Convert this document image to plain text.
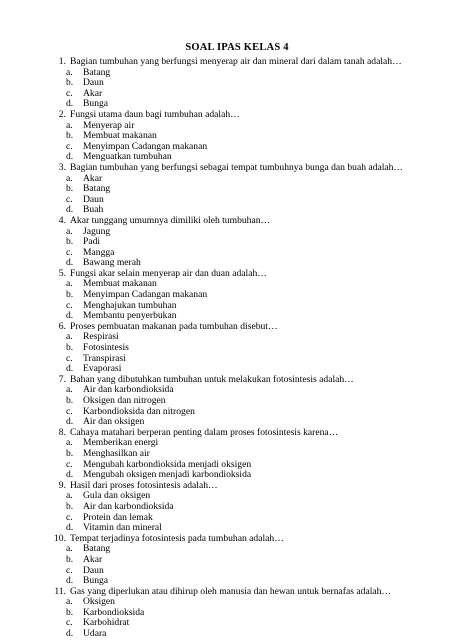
SOAL IPAS KELAS 4
1. Bagian tumbuhan yang berfungsi menyerap air dan mineral dari dalam tanah adalah…
a.	Batang
b.	Daun
c.	Akar
d.	Bunga
2. Fungsi utama daun bagi tumbuhan adalah…
a.	Menyerap air
b.	Membuat makanan
c.	Menyimpan Cadangan makanan
d.	Menguatkan tumbuhan
3. Bagian tumbuhan yang berfungsi sebagai tempat tumbuhnya bunga dan buah adalah…
a.	Akar
b.	Batang
c.	Daun
d.	Buah
4. Akar tunggang umumnya dimiliki oleh tumbuhan…
a.	Jagung
b.	Padi
c.	Mangga
d.	Bawang merah
5. Fungsi akar selain menyerap air dan duan adalah…
a.	Membuat makanan
b.	Menyimpan Cadangan makanan
c.	Menghajukan tumbuhan
d.	Membantu penyerbukan
6. Proses pembuatan makanan pada tumbuhan disebut…
a.	Respirasi
b.	Fotosintesis
c.	Transpirasi
d.	Evaporasi
7. Bahan yang dibutuhkan tumbuhan untuk melakukan fotosintesis adalah…
a.	Air dan karbondioksida
b.	Oksigen dan nitrogen
c.	Karbondioksida dan nitrogen
d.	Air dan oksigen
8. Cahaya matahari berperan penting dalam proses fotosintesis karena…
a.	Memberikan energi
b.	Menghasilkan air
c.	Mengubah karbondioksida menjadi oksigen
d.	Mengubah oksigen menjadi karbondioksida
9. Hasil dari proses fotosintesis adalah…
a.	Gula dan oksigen
b.	Air dan karbondioksida
c.	Protein dan lemak
d.	Vitamin dan mineral
10. Tempat terjadinya fotosintesis pada tumbuhan adalah…
a.	Batang
b.	Akar
c.	Daun
d.	Bunga
11. Gas yang diperlukan atau dihirup oleh manusia dan hewan untuk bernafas adalah…
a.	Oksigen
b.	Karbondioksida
c.	Karbohidrat
d.	Udara
